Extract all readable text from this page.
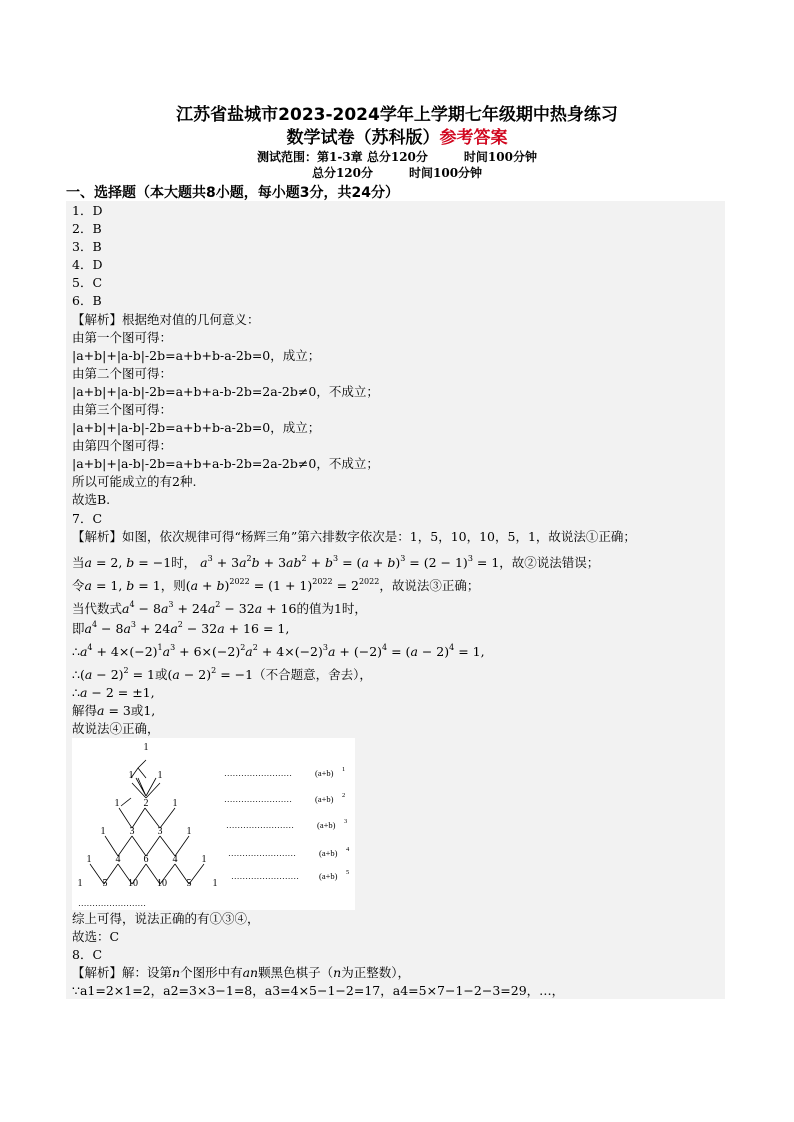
江苏省盐城市2023-2024学年上学期七年级期中热身练习
数学试卷（苏科版）参考答案
测试范围：第1-3章 总分120分	时间100分钟
总分120分	时间100分钟
一、选择题（本大题共8小题，每小题3分，共24分）
1．D
2．B
3．B
4．D
5．C
6．B
【解析】根据绝对值的几何意义：
由第一个图可得：
|a+b|+|a-b|-2b=a+b+b-a-2b=0，成立；
由第二个图可得：
|a+b|+|a-b|-2b=a+b+a-b-2b=2a-2b≠0，不成立；
由第三个图可得：
|a+b|+|a-b|-2b=a+b+b-a-2b=0，成立；
由第四个图可得：
|a+b|+|a-b|-2b=a+b+a-b-2b=2a-2b≠0，不成立；
所以可能成立的有2种.
故选B.
7．C
【解析】如图，依次规律可得“杨辉三角”第六排数字依次是：1，5，10，10，5，1，故说法①正确；
当a = 2, b = −1时， $a^3 + 3a^2b + 3ab^2 + b^3 = (a + b)^3 = (2 - 1)^3 = 1$，故②说法错误；
令a = 1, b = 1，则$(a + b)^{2022} = (1 + 1)^{2022} = 2^{2022}$，故说法③正确；
当代数式$a^4 - 8a^3 + 24a^2 - 32a + 16$的值为1时，
即$a^4 - 8a^3 + 24a^2 - 32a + 16 = 1$,
$\therefore a^4 + 4\times(-2)^1a^3 + 6\times(-2)^2a^2 + 4\times(-2)^3a + (-2)^4 = (a - 2)^4 = 1$,
∴(a − 2)$^2$ = 1或$(a - 2)^2 = -1$（不合题意，舍去），
∴a − 2 = ±1,
解得a = 3或1,
故说法④正确，
1
1 1
1 2 1
1 3 3 1
1 4 6 4 1
1 5 10 10 5 1
……………………	(a+b) 1
……………………	(a+b) 2
……………………	(a+b) 3
……………………	(a+b) 4
…………………… (a+b) 5
……………………
综上可得，说法正确的有①③④，
故选：C
8．C
【解析】解：设第n个图形中有an颗黑色棋子（n为正整数），
∵a1=2×1=2，a2=3×3−1=8，a3=4×5−1−2=17，a4=5×7−1−2−3=29，…，
